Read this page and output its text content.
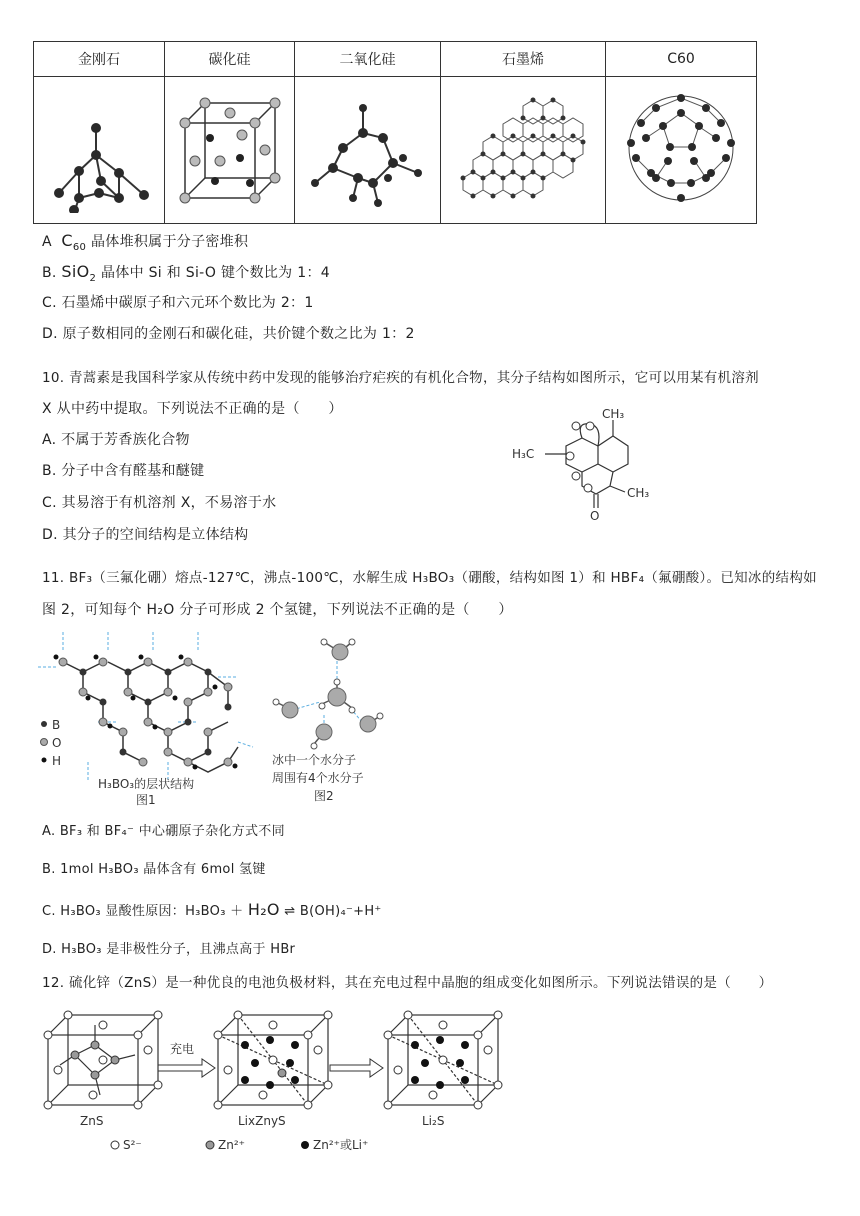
金刚石	碳化硅	二氧化硅	石墨烯	C60

A $C_{60}$ 晶体堆积属于分子密堆积
B. SiO$_2$ 晶体中 Si 和 Si-O 键个数比为 1：4
C. 石墨烯中碳原子和六元环个数比为 2：1
D. 原子数相同的金刚石和碳化硅，共价键个数之比为 1：2
10. 青蒿素是我国科学家从传统中药中发现的能够治疗疟疾的有机化合物，其分子结构如图所示，它可以用某有机溶剂
X 从中药中提取。下列说法不正确的是（　　）
A. 不属于芳香族化合物
B. 分子中含有醛基和醚键
C. 其易溶于有机溶剂 X，不易溶于水
D. 其分子的空间结构是立体结构
CH₃
H₃C
CH₃
O
11. BF₃（三氟化硼）熔点-127℃，沸点-100℃，水解生成 H₃BO₃（硼酸，结构如图 1）和 HBF₄（氟硼酸）。已知冰的结构如
图 2，可知每个 H₂O 分子可形成 2 个氢键，下列说法不正确的是（　　）
B
O
H
H₃BO₃的层状结构
图1
冰中一个水分子
周围有4个水分子
图2
A. BF₃ 和 BF₄⁻ 中心硼原子杂化方式不同
B. 1mol H₃BO₃ 晶体含有 6mol 氢键
C. H₃BO₃ 显酸性原因：H₃BO₃ ＋ H₂O ⇌ B(OH)₄⁻+H⁺
D. H₃BO₃ 是非极性分子，且沸点高于 HBr
12. 硫化锌（ZnS）是一种优良的电池负极材料，其在充电过程中晶胞的组成变化如图所示。下列说法错误的是（　　）
ZnS
充电
LixZnyS	Li₂S
S²⁻	Zn²⁺	Zn²⁺或Li⁺
